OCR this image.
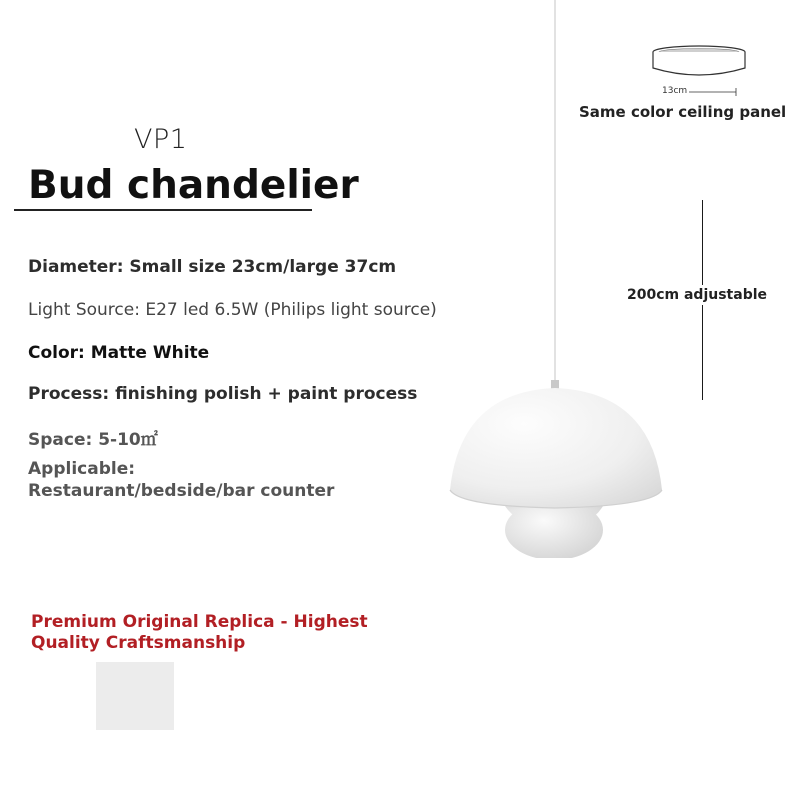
VP1
Bud chandelier
Diameter: Small size 23cm/large 37cm
Light Source: E27 led 6.5W (Philips light source)
Color: Matte White
Process: finishing polish + paint process
Space: 5-10㎡
Applicable:
Restaurant/bedside/bar counter
Premium Original Replica - Highest
Quality Craftsmanship
13cm
Same color ceiling panel
200cm adjustable
